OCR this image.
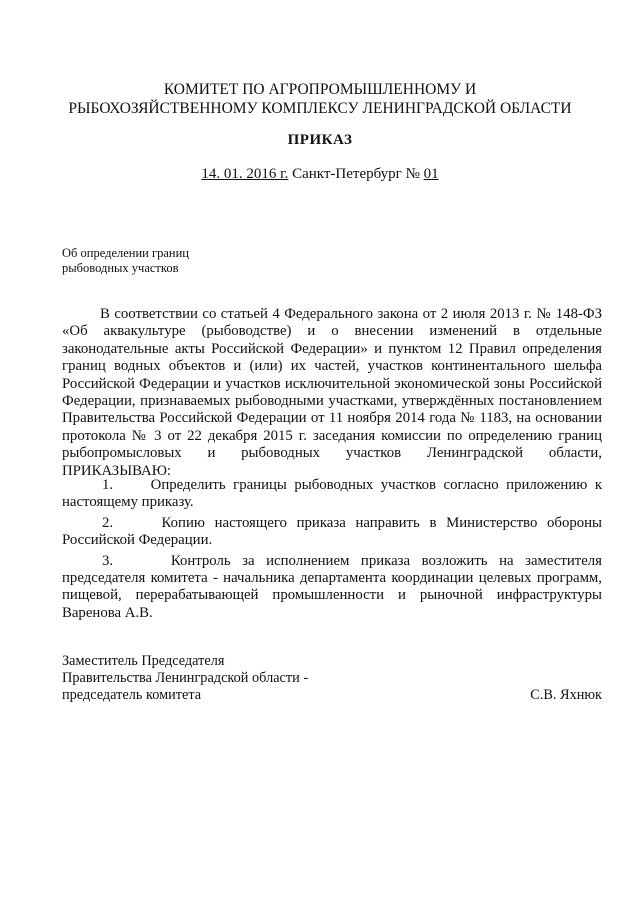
КОМИТЕТ ПО АГРОПРОМЫШЛЕННОМУ И
РЫБОХОЗЯЙСТВЕННОМУ КОМПЛЕКСУ ЛЕНИНГРАДСКОЙ ОБЛАСТИ
ПРИКАЗ
14. 01. 2016 г. Санкт-Петербург № 01
Об определении границ
рыбоводных участков

В соответствии со статьей 4 Федерального закона от 2 июля 2013 г. № 148-ФЗ «Об аквакультуре (рыбоводстве) и о внесении изменений в отдельные законодательные акты Российской Федерации» и пунктом 12 Правил определения границ водных объектов и (или) их частей, участков континентального шельфа Российской Федерации и участков исключительной экономической зоны Российской Федерации, признаваемых рыбоводными участками, утверждённых постановлением Правительства Российской Федерации от 11 ноября 2014 года № 1183, на основании протокола № 3 от 22 декабря 2015 г. заседания комиссии по определению границ рыбопромысловых и рыбоводных участков Ленинградской области, ПРИКАЗЫВАЮ:

1.	Определить границы рыбоводных участков согласно приложению к настоящему приказу.
2.	Копию настоящего приказа направить в Министерство обороны Российской Федерации.
3.	Контроль за исполнением приказа возложить на заместителя председателя комитета - начальника департамента координации целевых программ, пищевой, перерабатывающей промышленности и рыночной инфраструктуры Варенова А.В.
Заместитель Председателя
Правительства Ленинградской области -
председатель комитета	С.В. Яхнюк
